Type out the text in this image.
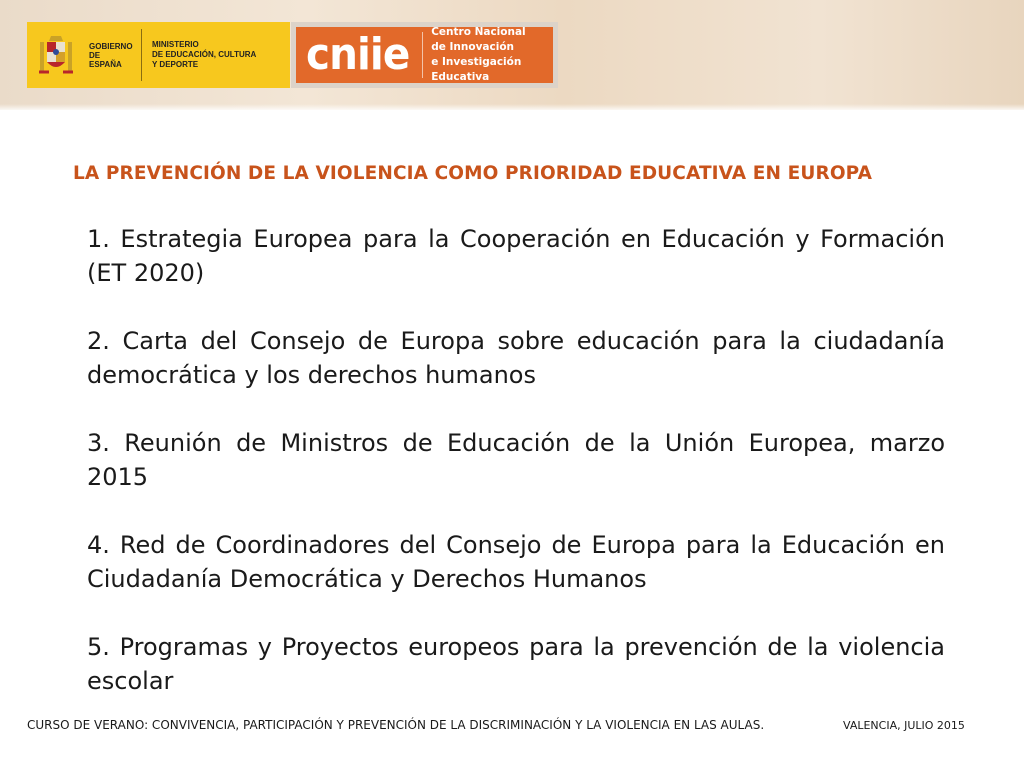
GOBIERNO
DE ESPAÑA
MINISTERIO
DE EDUCACIÓN, CULTURA
Y DEPORTE	cniie Centro Nacional
de Innovación
e Investigación Educativa
LA PREVENCIÓN DE LA VIOLENCIA COMO PRIORIDAD EDUCATIVA EN EUROPA

1. Estrategia Europea para la Cooperación en Educación y Formación (ET 2020)

2. Carta del Consejo de Europa sobre educación para la ciudadanía democrática y los derechos humanos

3. Reunión de Ministros de Educación de la Unión Europea, marzo 2015

4. Red de Coordinadores del Consejo de Europa para la Educación en Ciudadanía Democrática y Derechos Humanos

5. Programas y Proyectos europeos para la prevención de la violencia escolar

CURSO DE VERANO: CONVIVENCIA, PARTICIPACIÓN Y PREVENCIÓN DE LA DISCRIMINACIÓN Y LA VIOLENCIA EN LAS AULAS.	VALENCIA, JULIO 2015
